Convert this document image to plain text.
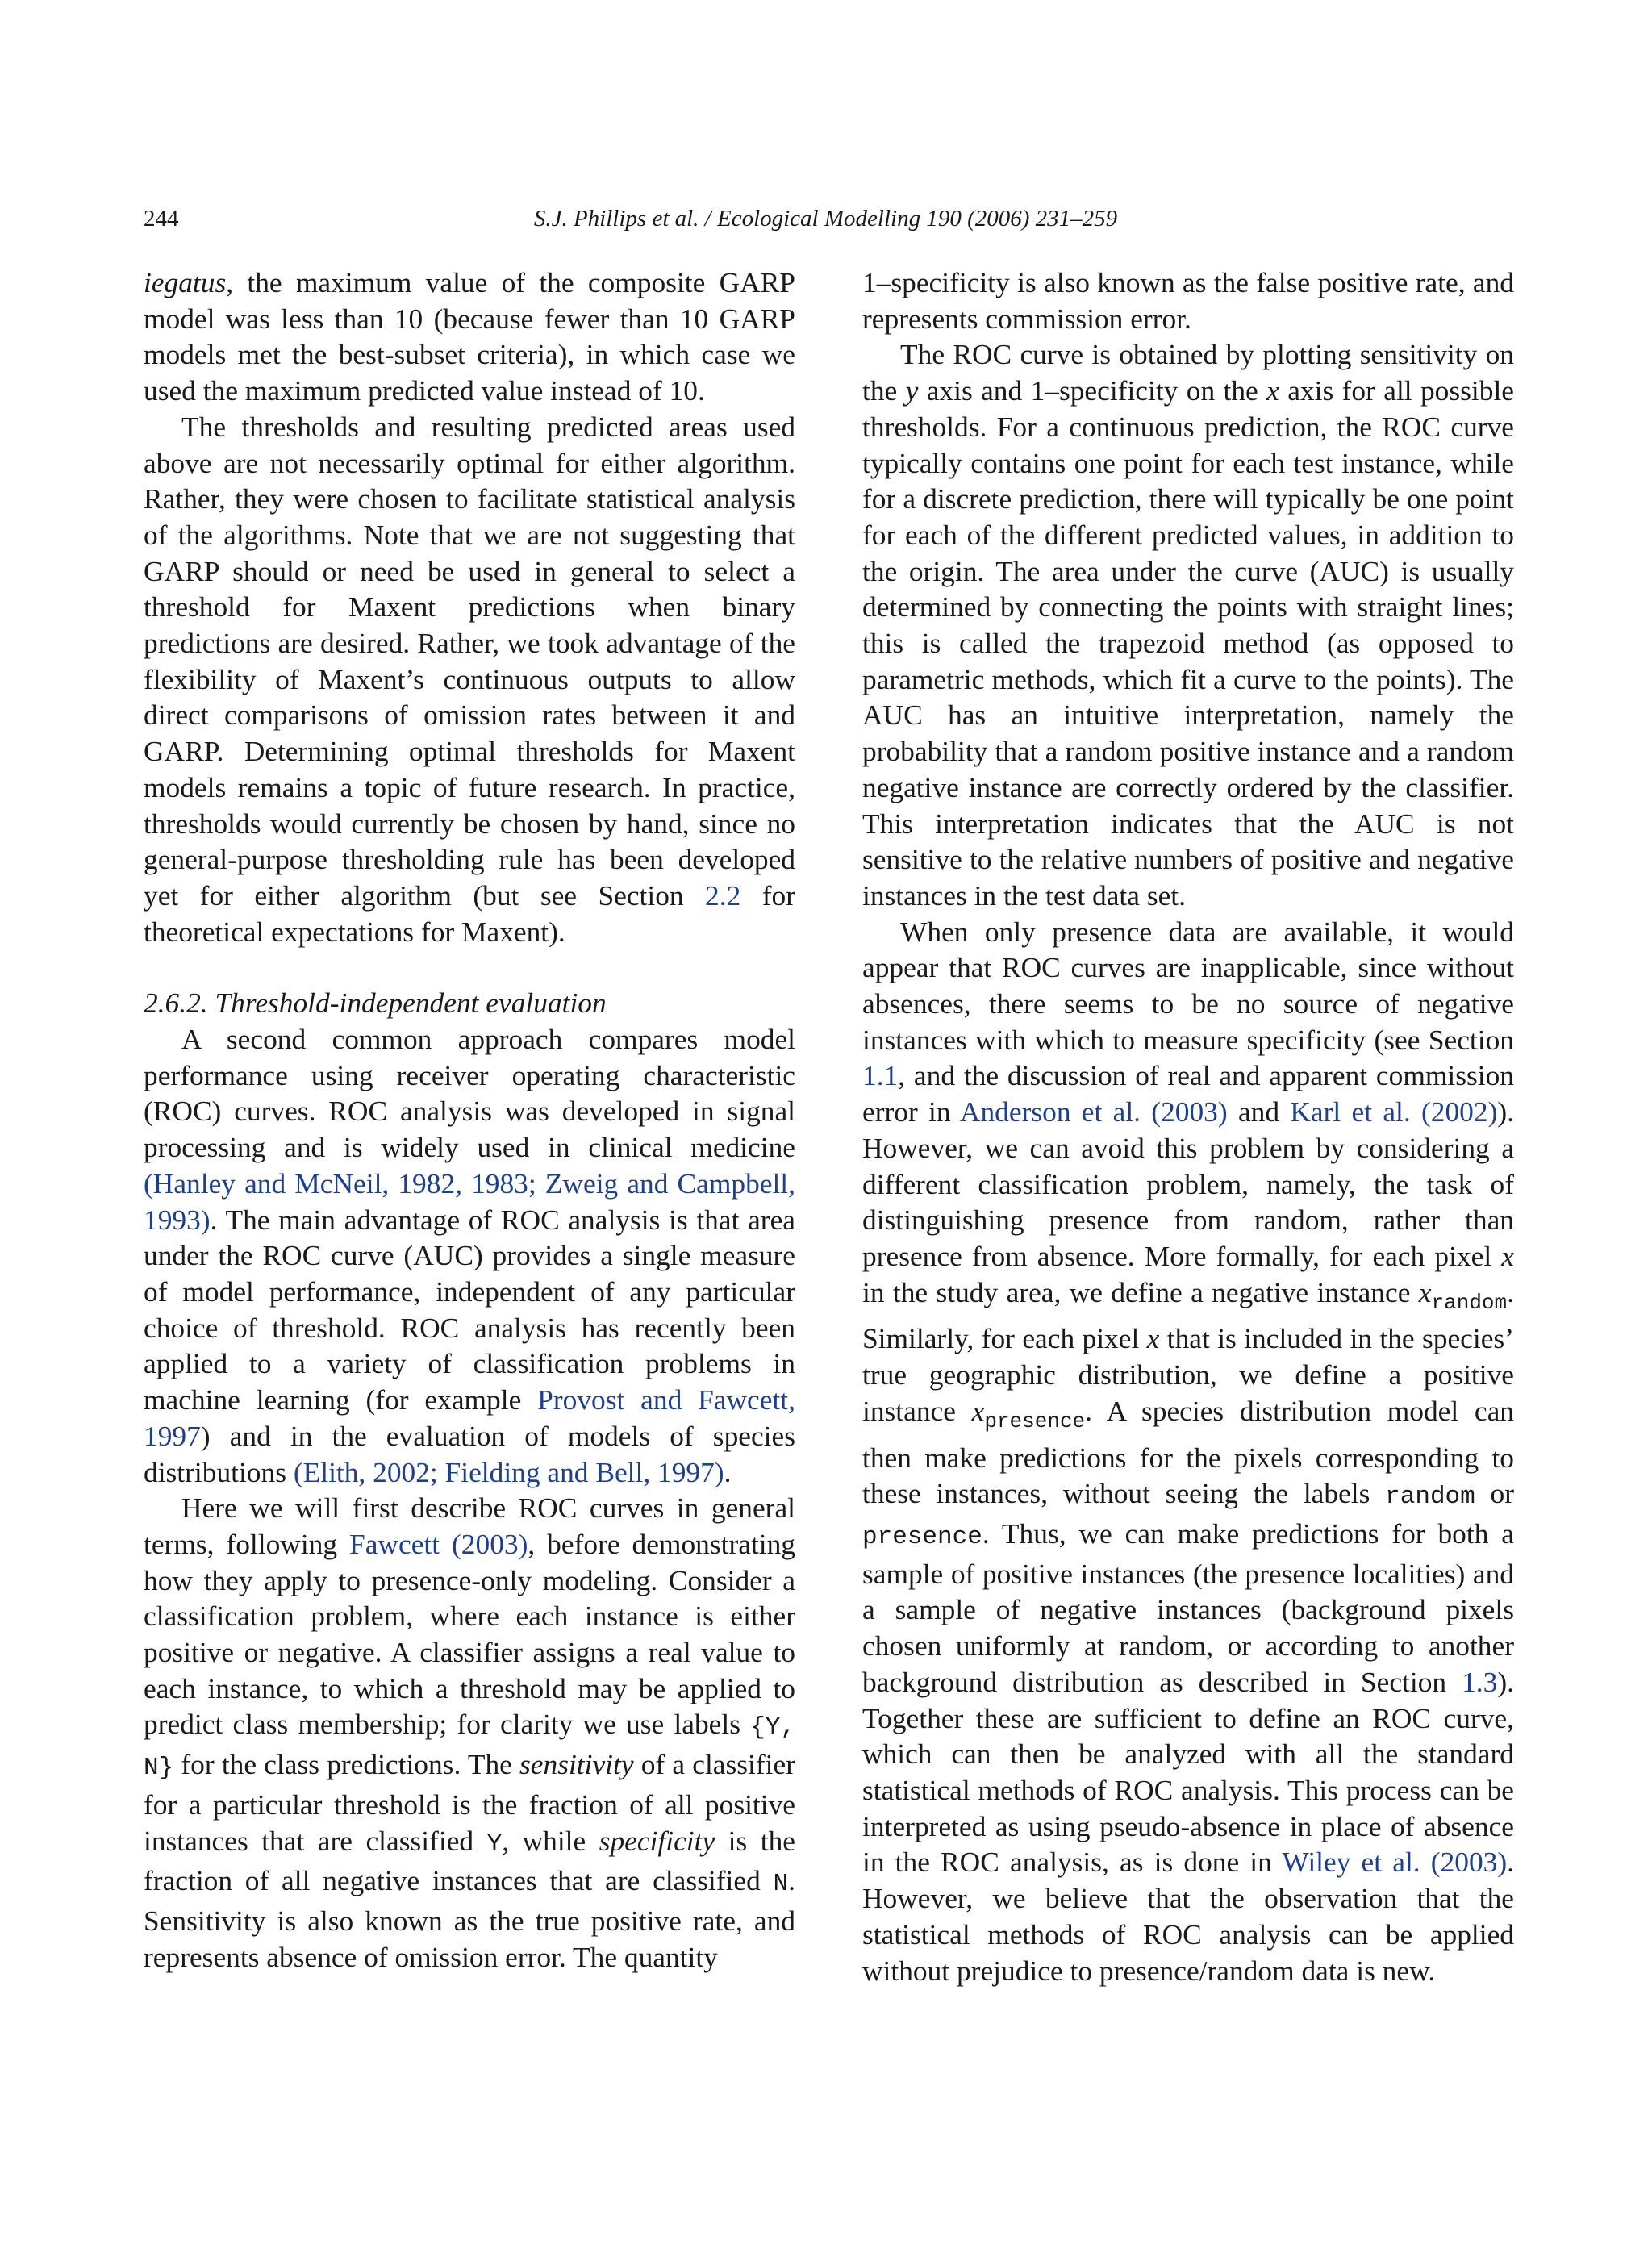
244	S.J. Phillips et al. / Ecological Modelling 190 (2006) 231–259

iegatus, the maximum value of the composite GARP model was less than 10 (because fewer than 10 GARP models met the best-subset criteria), in which case we used the maximum predicted value instead of 10.

The thresholds and resulting predicted areas used above are not necessarily optimal for either algorithm. Rather, they were chosen to facilitate statistical analysis of the algorithms. Note that we are not suggesting that GARP should or need be used in general to select a threshold for Maxent predictions when binary predictions are desired. Rather, we took advantage of the flexibility of Maxent’s continuous outputs to allow direct comparisons of omission rates between it and GARP. Determining optimal thresholds for Maxent models remains a topic of future research. In practice, thresholds would currently be chosen by hand, since no general-purpose thresholding rule has been developed yet for either algorithm (but see Section 2.2 for theoretical expectations for Maxent).

2.6.2. Threshold-independent evaluation

A second common approach compares model performance using receiver operating characteristic (ROC) curves. ROC analysis was developed in signal processing and is widely used in clinical medicine (Hanley and McNeil, 1982, 1983; Zweig and Campbell, 1993). The main advantage of ROC analysis is that area under the ROC curve (AUC) provides a single measure of model performance, independent of any particular choice of threshold. ROC analysis has recently been applied to a variety of classification problems in machine learning (for example Provost and Fawcett, 1997) and in the evaluation of models of species distributions (Elith, 2002; Fielding and Bell, 1997).

Here we will first describe ROC curves in general terms, following Fawcett (2003), before demonstrating how they apply to presence-only modeling. Consider a classification problem, where each instance is either positive or negative. A classifier assigns a real value to each instance, to which a threshold may be applied to predict class membership; for clarity we use labels {Y, N} for the class predictions. The sensitivity of a classifier for a particular threshold is the fraction of all positive instances that are classified Y, while specificity is the fraction of all negative instances that are classified N. Sensitivity is also known as the true positive rate, and represents absence of omission error. The quantity

1–specificity is also known as the false positive rate, and represents commission error.

The ROC curve is obtained by plotting sensitivity on the y axis and 1–specificity on the x axis for all possible thresholds. For a continuous prediction, the ROC curve typically contains one point for each test instance, while for a discrete prediction, there will typically be one point for each of the different predicted values, in addition to the origin. The area under the curve (AUC) is usually determined by connecting the points with straight lines; this is called the trapezoid method (as opposed to parametric methods, which fit a curve to the points). The AUC has an intuitive interpretation, namely the probability that a random positive instance and a random negative instance are correctly ordered by the classifier. This interpretation indicates that the AUC is not sensitive to the relative numbers of positive and negative instances in the test data set.

When only presence data are available, it would appear that ROC curves are inapplicable, since without absences, there seems to be no source of negative instances with which to measure specificity (see Section 1.1, and the discussion of real and apparent commission error in Anderson et al. (2003) and Karl et al. (2002)). However, we can avoid this problem by considering a different classification problem, namely, the task of distinguishing presence from random, rather than presence from absence. More formally, for each pixel x in the study area, we define a negative instance $x_{random}$. Similarly, for each pixel x that is included in the species’ true geographic distribution, we define a positive instance $x_{presence}$. A species distribution model can then make predictions for the pixels corresponding to these instances, without seeing the labels random or presence. Thus, we can make predictions for both a sample of positive instances (the presence localities) and a sample of negative instances (background pixels chosen uniformly at random, or according to another background distribution as described in Section 1.3). Together these are sufficient to define an ROC curve, which can then be analyzed with all the standard statistical methods of ROC analysis. This process can be interpreted as using pseudo-absence in place of absence in the ROC analysis, as is done in Wiley et al. (2003). However, we believe that the observation that the statistical methods of ROC analysis can be applied without prejudice to presence/random data is new.
